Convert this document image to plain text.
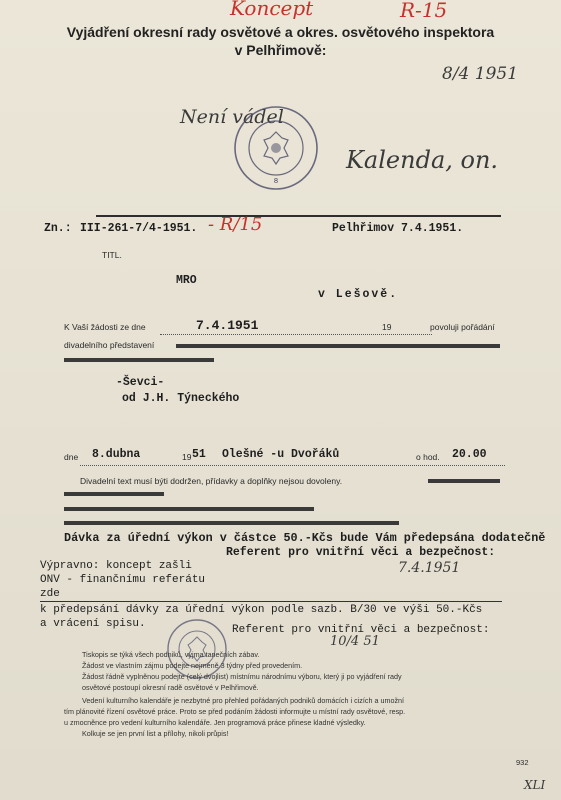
Koncept	R-15
Vyjádření okresní rady osvětové a okres. osvětového inspektora
v Pelhřimově:
8/4 1951
Není vádel
8
Kalenda, on.
Zn.: III-261-7/4-1951. - R/15	Pelhřimov 7.4.1951.
TITL.
MRO
v Lešově.
K Vaší žádosti ze dne	7.4.1951	19	povoluji pořádání
divadelního představení
-Ševci-
od J.H. Týneckého
dne 8.dubna	19 51 Olešné -u Dvořáků	o hod. 20.00
Divadelní text musí býti dodržen, přídavky a doplňky nejsou dovoleny.
Dávka za úřední výkon v částce 50.-Kčs bude Vám předepsána dodatečně
Referent pro vnitřní věci a bezpečnost:
Výpravno: koncept zašli
ONV - finančnímu referátu
zde
7.4.1951
k předepsání dávky za úřední výkon podle sazb. B/30 ve výši 50.-Kčs
a vrácení spisu.	Referent pro vnitřní věci a bezpečnost:
10/4 51
Tiskopis se týká všech podniků, vyjma tanečních zábav.
Žádost ve vlastním zájmu podejte nejméně 3 týdny před provedením.
Žádost řádně vyplněnou podejte (celý dvojlist) místnímu národnímu výboru, který ji po vyjádření rady
osvětové postoupí okresní radě osvětové v Pelhřimově.
Vedení kulturního kalendáře je nezbytné pro přehled pořádaných podniků domácích i cizích a umožní
tím plánovité řízení osvětové práce. Proto se před podáním žádosti informujte u místní rady osvětové, resp.
u zmocněnce pro vedení kulturního kalendáře. Jen programová práce přinese kladné výsledky.
Kolkuje se jen první list a přílohy, nikoli průpis!
932
XLI
